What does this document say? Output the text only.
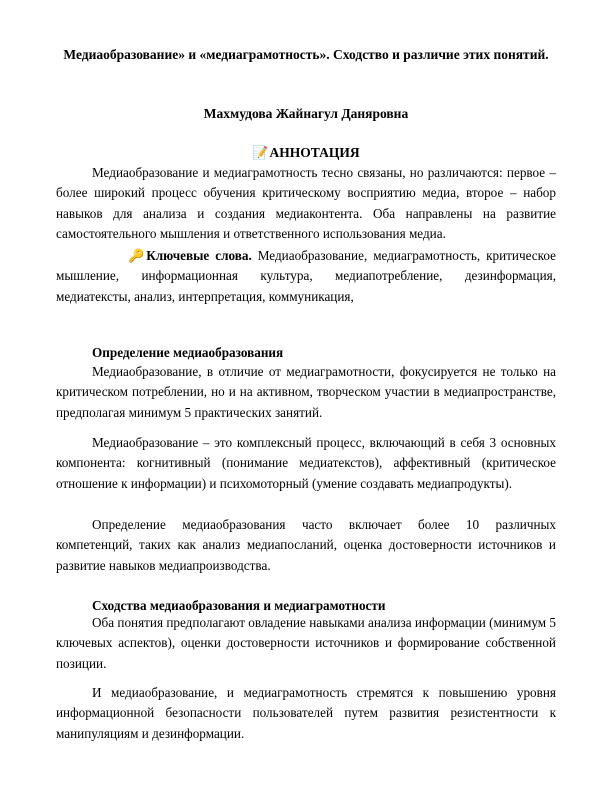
Медиаобразование» и «медиаграмотность». Сходство и различие этих понятий.
Махмудова Жайнагул Даняровна
📝АННОТАЦИЯ

Медиаобразование и медиаграмотность тесно связаны, но различаются: первое – более широкий процесс обучения критическому восприятию медиа, второе – набор навыков для анализа и создания медиаконтента. Оба направлены на развитие самостоятельного мышления и ответственного использования медиа.

🔑 Ключевые слова. Медиаобразование, медиаграмотность, критическое мышление, информационная культура, медиапотребление, дезинформация, медиатексты, анализ, интерпретация, коммуникация,

Определение медиаобразования

Медиаобразование, в отличие от медиаграмотности, фокусируется не только на критическом потреблении, но и на активном, творческом участии в медиапространстве, предполагая минимум 5 практических занятий.

Медиаобразование – это комплексный процесс, включающий в себя 3 основных компонента: когнитивный (понимание медиатекстов), аффективный (критическое отношение к информации) и психомоторный (умение создавать медиапродукты).

Определение медиаобразования часто включает более 10 различных компетенций, таких как анализ медиапосланий, оценка достоверности источников и развитие навыков медиапроизводства.

Сходства медиаобразования и медиаграмотности

Оба понятия предполагают овладение навыками анализа информации (минимум 5 ключевых аспектов), оценки достоверности источников и формирование собственной позиции.

И медиаобразование, и медиаграмотность стремятся к повышению уровня информационной безопасности пользователей путем развития резистентности к манипуляциям и дезинформации.
